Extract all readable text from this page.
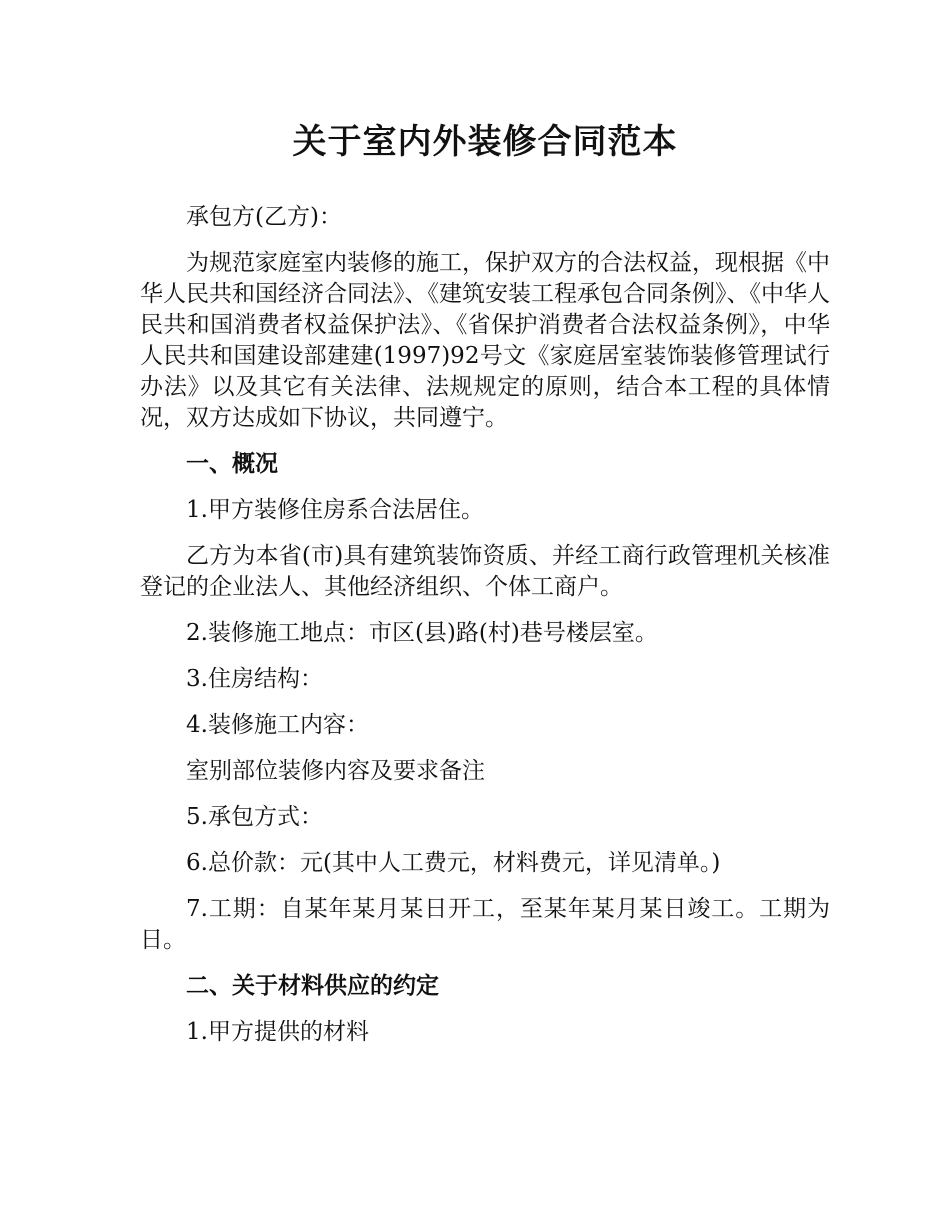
关于室内外装修合同范本

承包方(乙方)：

为规范家庭室内装修的施工，保护双方的合法权益，现根据《中华人民共和国经济合同法》、《建筑安装工程承包合同条例》、《中华人民共和国消费者权益保护法》、《省保护消费者合法权益条例》，中华人民共和国建设部建建(1997)92号文《家庭居室装饰装修管理试行办法》以及其它有关法律、法规规定的原则，结合本工程的具体情况，双方达成如下协议，共同遵宁。

一、概况

1.甲方装修住房系合法居住。

乙方为本省(市)具有建筑装饰资质、并经工商行政管理机关核准登记的企业法人、其他经济组织、个体工商户。

2.装修施工地点：市区(县)路(村)巷号楼层室。

3.住房结构：

4.装修施工内容：

室别部位装修内容及要求备注

5.承包方式：

6.总价款：元(其中人工费元，材料费元，详见清单。)

7.工期：自某年某月某日开工，至某年某月某日竣工。工期为日。

二、关于材料供应的约定

1.甲方提供的材料
